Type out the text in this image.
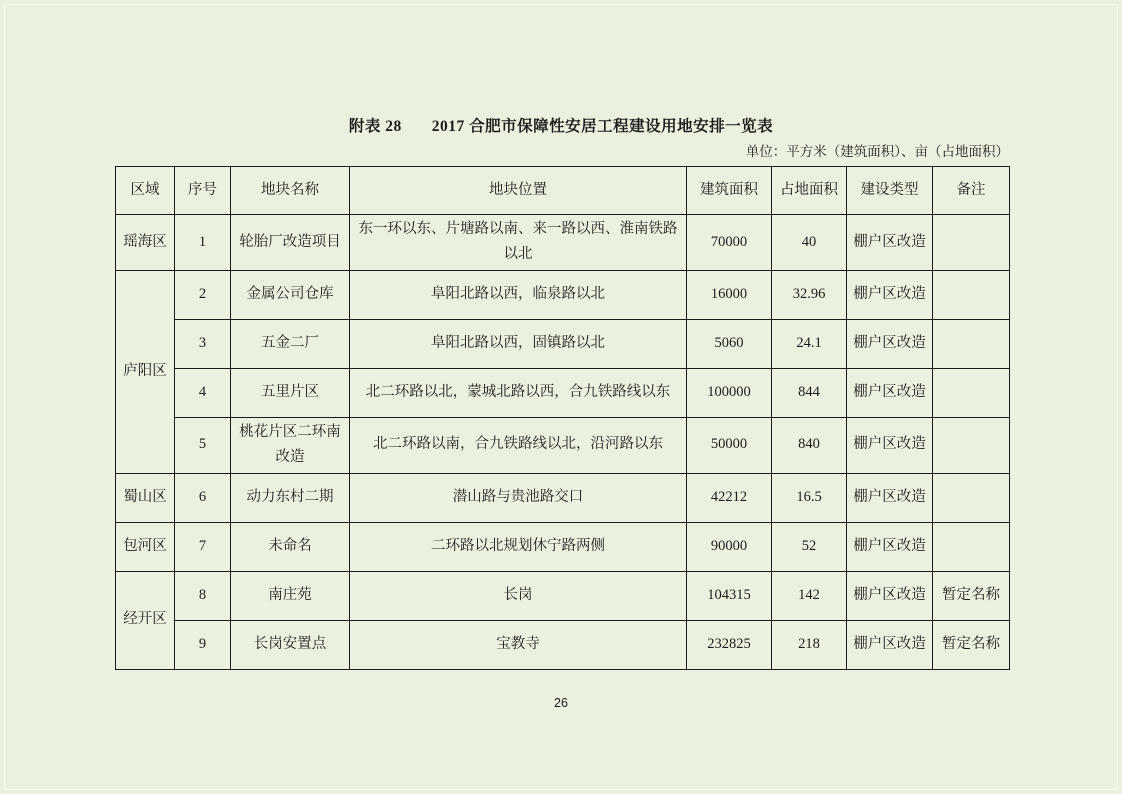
附表 28 2017 合肥市保障性安居工程建设用地安排一览表
单位：平方米（建筑面积）、亩（占地面积）
区域	序号	地块名称	地块位置	建筑面积	占地面积	建设类型	备注
瑶海区	1	轮胎厂改造项目	东一环以东、片塘路以南、来一路以西、淮南铁路以北	70000	40	棚户区改造	
庐阳区	2	金属公司仓库	阜阳北路以西，临泉路以北	16000	32.96	棚户区改造	
	3	五金二厂	阜阳北路以西，固镇路以北	5060	24.1	棚户区改造	
	4	五里片区	北二环路以北，蒙城北路以西，合九铁路线以东	100000	844	棚户区改造	
	5	桃花片区二环南改造	北二环路以南，合九铁路线以北，沿河路以东	50000	840	棚户区改造	
蜀山区	6	动力东村二期	潜山路与贵池路交口	42212	16.5	棚户区改造	
包河区	7	未命名	二环路以北规划休宁路两侧	90000	52	棚户区改造	
经开区	8	南庄苑	长岗	104315	142	棚户区改造	暂定名称
	9	长岗安置点	宝教寺	232825	218	棚户区改造	暂定名称
26
